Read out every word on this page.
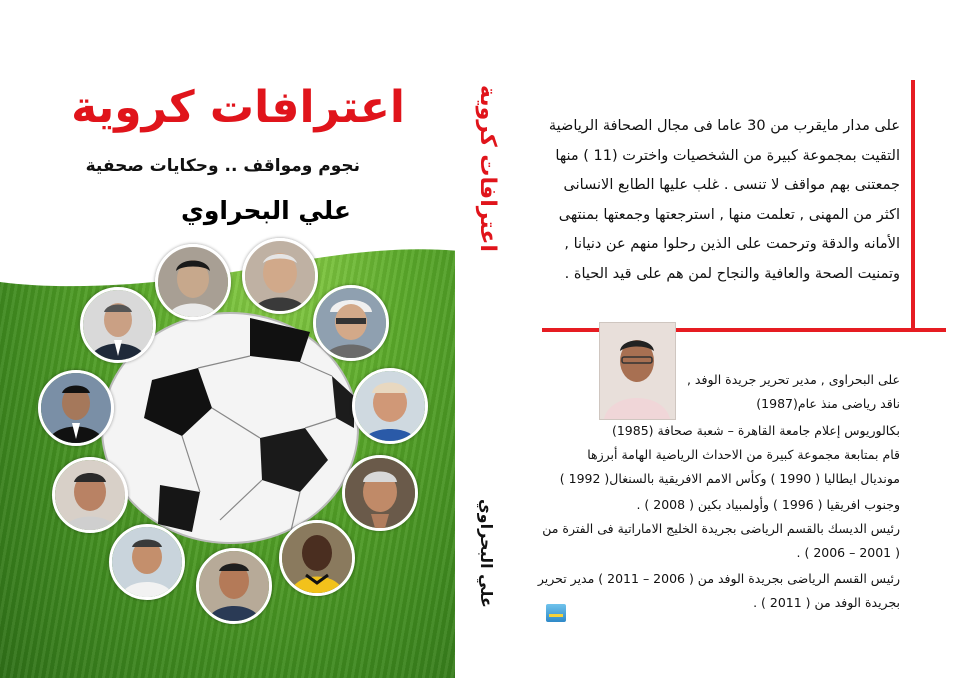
اعترافات كروية
نجوم ومواقف .. وحكايات صحفية
علي البحراوي	اعترافات كروية
علي البحراوي
على مدار مايقرب من 30 عاما فى مجال الصحافة الرياضية
التقيت بمجموعة كبيرة من الشخصيات واخترت (11 ) منها
جمعتنى بهم مواقف لا تنسى . غلب عليها الطابع الانسانى
اكثر من المهنى , تعلمت منها , استرجعتها وجمعتها بمنتهى
الأمانه والدقة وترحمت على الذين رحلوا منهم عن دنيانا ,
وتمنيت الصحة والعافية والنجاح لمن هم على قيد الحياة .
على البحراوى , مدير تحرير جريدة الوفد ,
ناقد رياضى منذ عام(1987)
بكالوريوس إعلام جامعة القاهرة – شعبة صحافة (1985)
قام بمتابعة مجموعة كبيرة من الاحداث الرياضية الهامة أبرزها
مونديال ايطاليا ( 1990 ) وكأس الامم الافريقية بالسنغال( 1992 )
وجنوب افريقيا ( 1996 ) وأولمبياد بكين ( 2008 ) .
رئيس الديسك بالقسم الرياضى بجريدة الخليج الاماراتية فى الفترة من
( 2001 – 2006 ) .
رئيس القسم الرياضى بجريدة الوفد من ( 2006 – 2011 ) مدير تحرير
بجريدة الوفد من ( 2011 ) .
